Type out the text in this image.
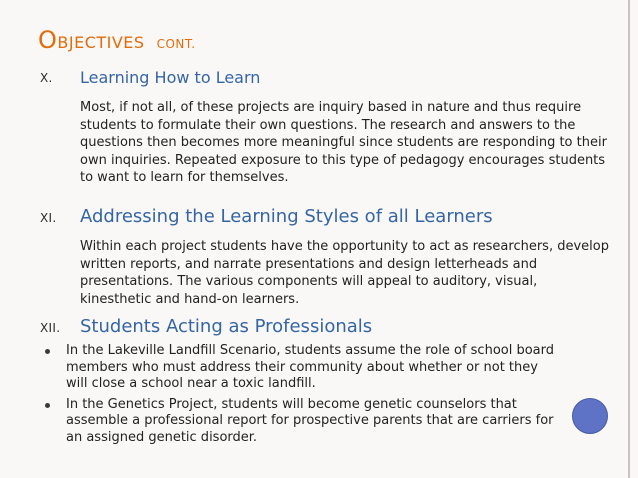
OBJECTIVES CONT.
X. Learning How to Learn

Most, if not all, of these projects are inquiry based in nature and thus require students to formulate their own questions. The research and answers to the questions then becomes more meaningful since students are responding to their own inquiries. Repeated exposure to this type of pedagogy encourages students to want to learn for themselves.

XI. Addressing the Learning Styles of all Learners

Within each project students have the opportunity to act as researchers, develop written reports, and narrate presentations and design letterheads and presentations. The various components will appeal to auditory, visual, kinesthetic and hand-on learners.

XII. Students Acting as Professionals
In the Lakeville Landfill Scenario, students assume the role of school board members who must address their community about whether or not they will close a school near a toxic landfill.
In the Genetics Project, students will become genetic counselors that assemble a professional report for prospective parents that are carriers for an assigned genetic disorder.
